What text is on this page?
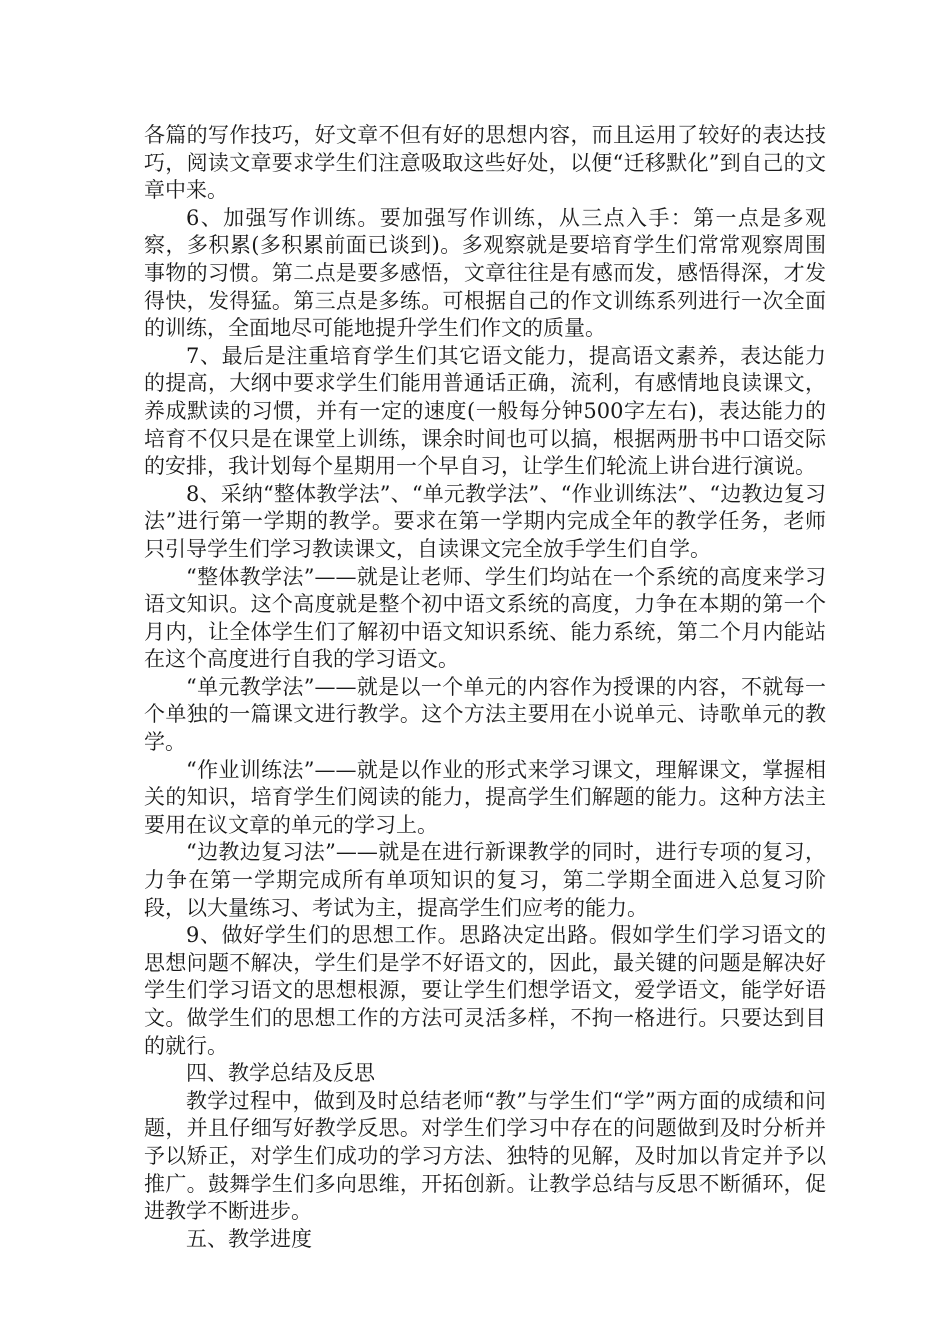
各篇的写作技巧，好文章不但有好的思想内容，而且运用了较好的表达技巧，阅读文章要求学生们注意吸取这些好处，以便“迁移默化”到自己的文章中来。

6、加强写作训练。要加强写作训练，从三点入手：第一点是多观察，多积累(多积累前面已谈到)。多观察就是要培育学生们常常观察周围事物的习惯。第二点是要多感悟，文章往往是有感而发，感悟得深，才发得快，发得猛。第三点是多练。可根据自己的作文训练系列进行一次全面的训练，全面地尽可能地提升学生们作文的质量。

7、最后是注重培育学生们其它语文能力，提高语文素养，表达能力的提高，大纲中要求学生们能用普通话正确，流利，有感情地良读课文，养成默读的习惯，并有一定的速度(一般每分钟500字左右)，表达能力的培育不仅只是在课堂上训练，课余时间也可以搞，根据两册书中口语交际的安排，我计划每个星期用一个早自习，让学生们轮流上讲台进行演说。

8、采纳“整体教学法”、“单元教学法”、“作业训练法”、“边教边复习法”进行第一学期的教学。要求在第一学期内完成全年的教学任务，老师只引导学生们学习教读课文，自读课文完全放手学生们自学。

“整体教学法”——就是让老师、学生们均站在一个系统的高度来学习语文知识。这个高度就是整个初中语文系统的高度，力争在本期的第一个月内，让全体学生们了解初中语文知识系统、能力系统，第二个月内能站在这个高度进行自我的学习语文。

“单元教学法”——就是以一个单元的内容作为授课的内容，不就每一个单独的一篇课文进行教学。这个方法主要用在小说单元、诗歌单元的教学。

“作业训练法”——就是以作业的形式来学习课文，理解课文，掌握相关的知识，培育学生们阅读的能力，提高学生们解题的能力。这种方法主要用在议文章的单元的学习上。

“边教边复习法”——就是在进行新课教学的同时，进行专项的复习，力争在第一学期完成所有单项知识的复习，第二学期全面进入总复习阶段，以大量练习、考试为主，提高学生们应考的能力。

9、做好学生们的思想工作。思路决定出路。假如学生们学习语文的思想问题不解决，学生们是学不好语文的，因此，最关键的问题是解决好学生们学习语文的思想根源，要让学生们想学语文，爱学语文，能学好语文。做学生们的思想工作的方法可灵活多样，不拘一格进行。只要达到目的就行。

四、教学总结及反思

教学过程中，做到及时总结老师“教”与学生们“学”两方面的成绩和问题，并且仔细写好教学反思。对学生们学习中存在的问题做到及时分析并予以矫正，对学生们成功的学习方法、独特的见解，及时加以肯定并予以推广。鼓舞学生们多向思维，开拓创新。让教学总结与反思不断循环，促进教学不断进步。

五、教学进度
